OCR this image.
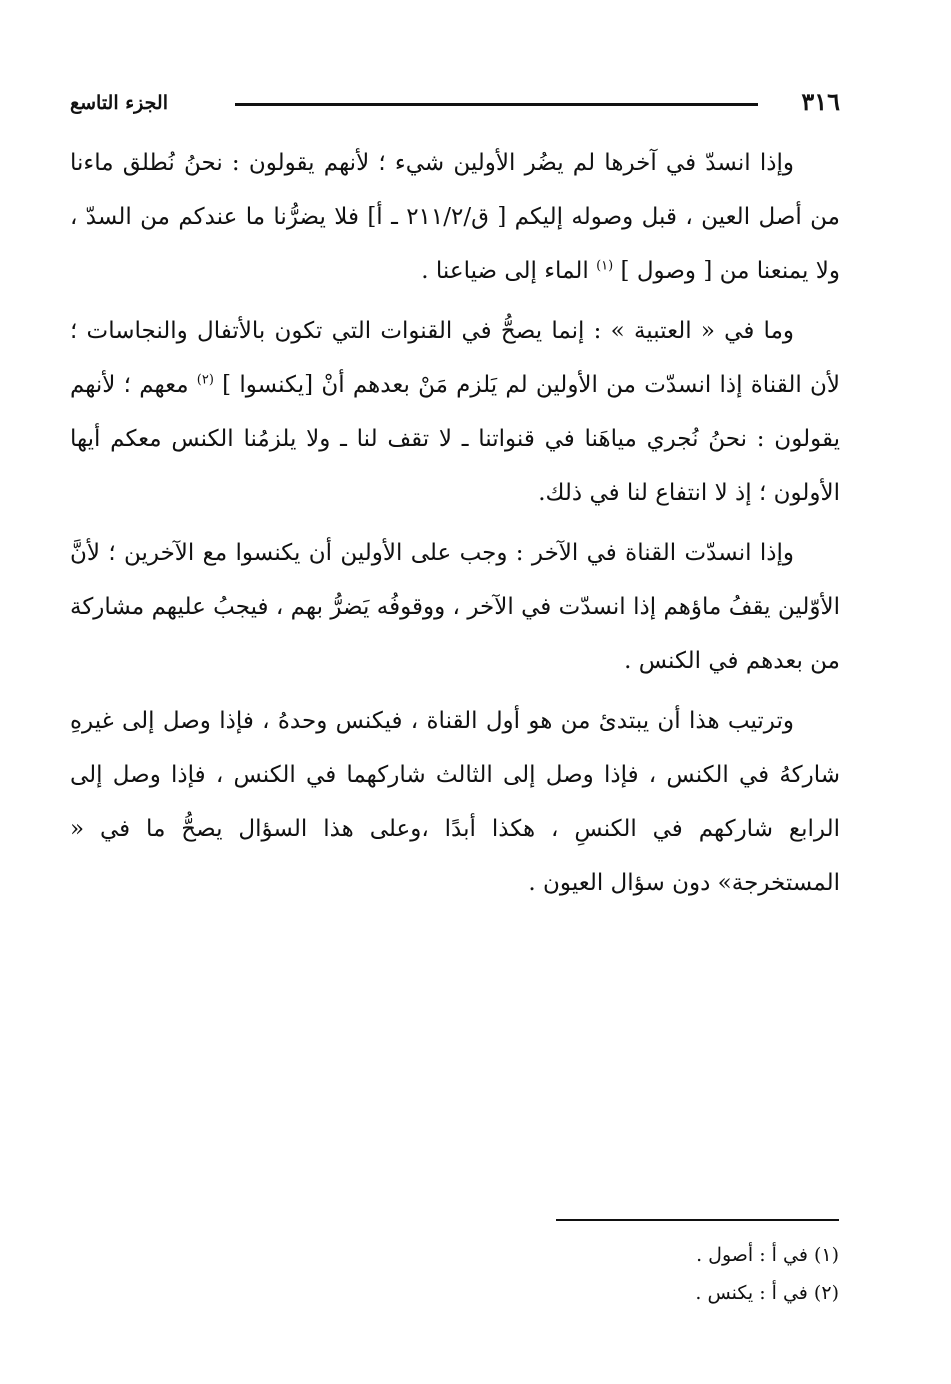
٣١٦
الجزء التاسع

وإذا انسدّ في آخرها لم يضُر الأولين شيء ؛ لأنهم يقولون : نحنُ نُطلق ماءنا من أصل العين ، قبل وصوله إليكم [ ق/٢١١/٢ ـ أ] فلا يضرُّنا ما عندكم من السدّ ، ولا يمنعنا من [ وصول ] $^{(١)}$ الماء إلى ضياعنا .

وما في « العتبية » : إنما يصحُّ في القنوات التي تكون بالأتفال والنجاسات ؛ لأن القناة إذا انسدّت من الأولين لم يَلزم مَنْ بعدهم أنْ [يكنسوا ] $^{(٢)}$ معهم ؛ لأنهم يقولون : نحنُ نُجري مياهَنا في قنواتنا ـ لا تقف لنا ـ ولا يلزمُنا الكنس معكم أيها الأولون ؛ إذ لا انتفاع لنا في ذلك.

وإذا انسدّت القناة في الآخر : وجب على الأولين أن يكنسوا مع الآخرين ؛ لأنَّ الأوّلين يقفُ ماؤهم إذا انسدّت في الآخر ، ووقوفُه يَضرُّ بهم ، فيجبُ عليهم مشاركة من بعدهم في الكنس .

وترتيب هذا أن يبتدئ من هو أول القناة ، فيكنس وحدهُ ، فإذا وصل إلى غيرهِ شاركهُ في الكنس ، فإذا وصل إلى الثالث شاركهما في الكنس ، فإذا وصل إلى الرابع شاركهم في الكنسِ ، هكذا أبدًا ،وعلى هذا السؤال يصحُّ ما في « المستخرجة» دون سؤال العيون .

(١) في أ : أصول .

(٢) في أ : يكنس .
